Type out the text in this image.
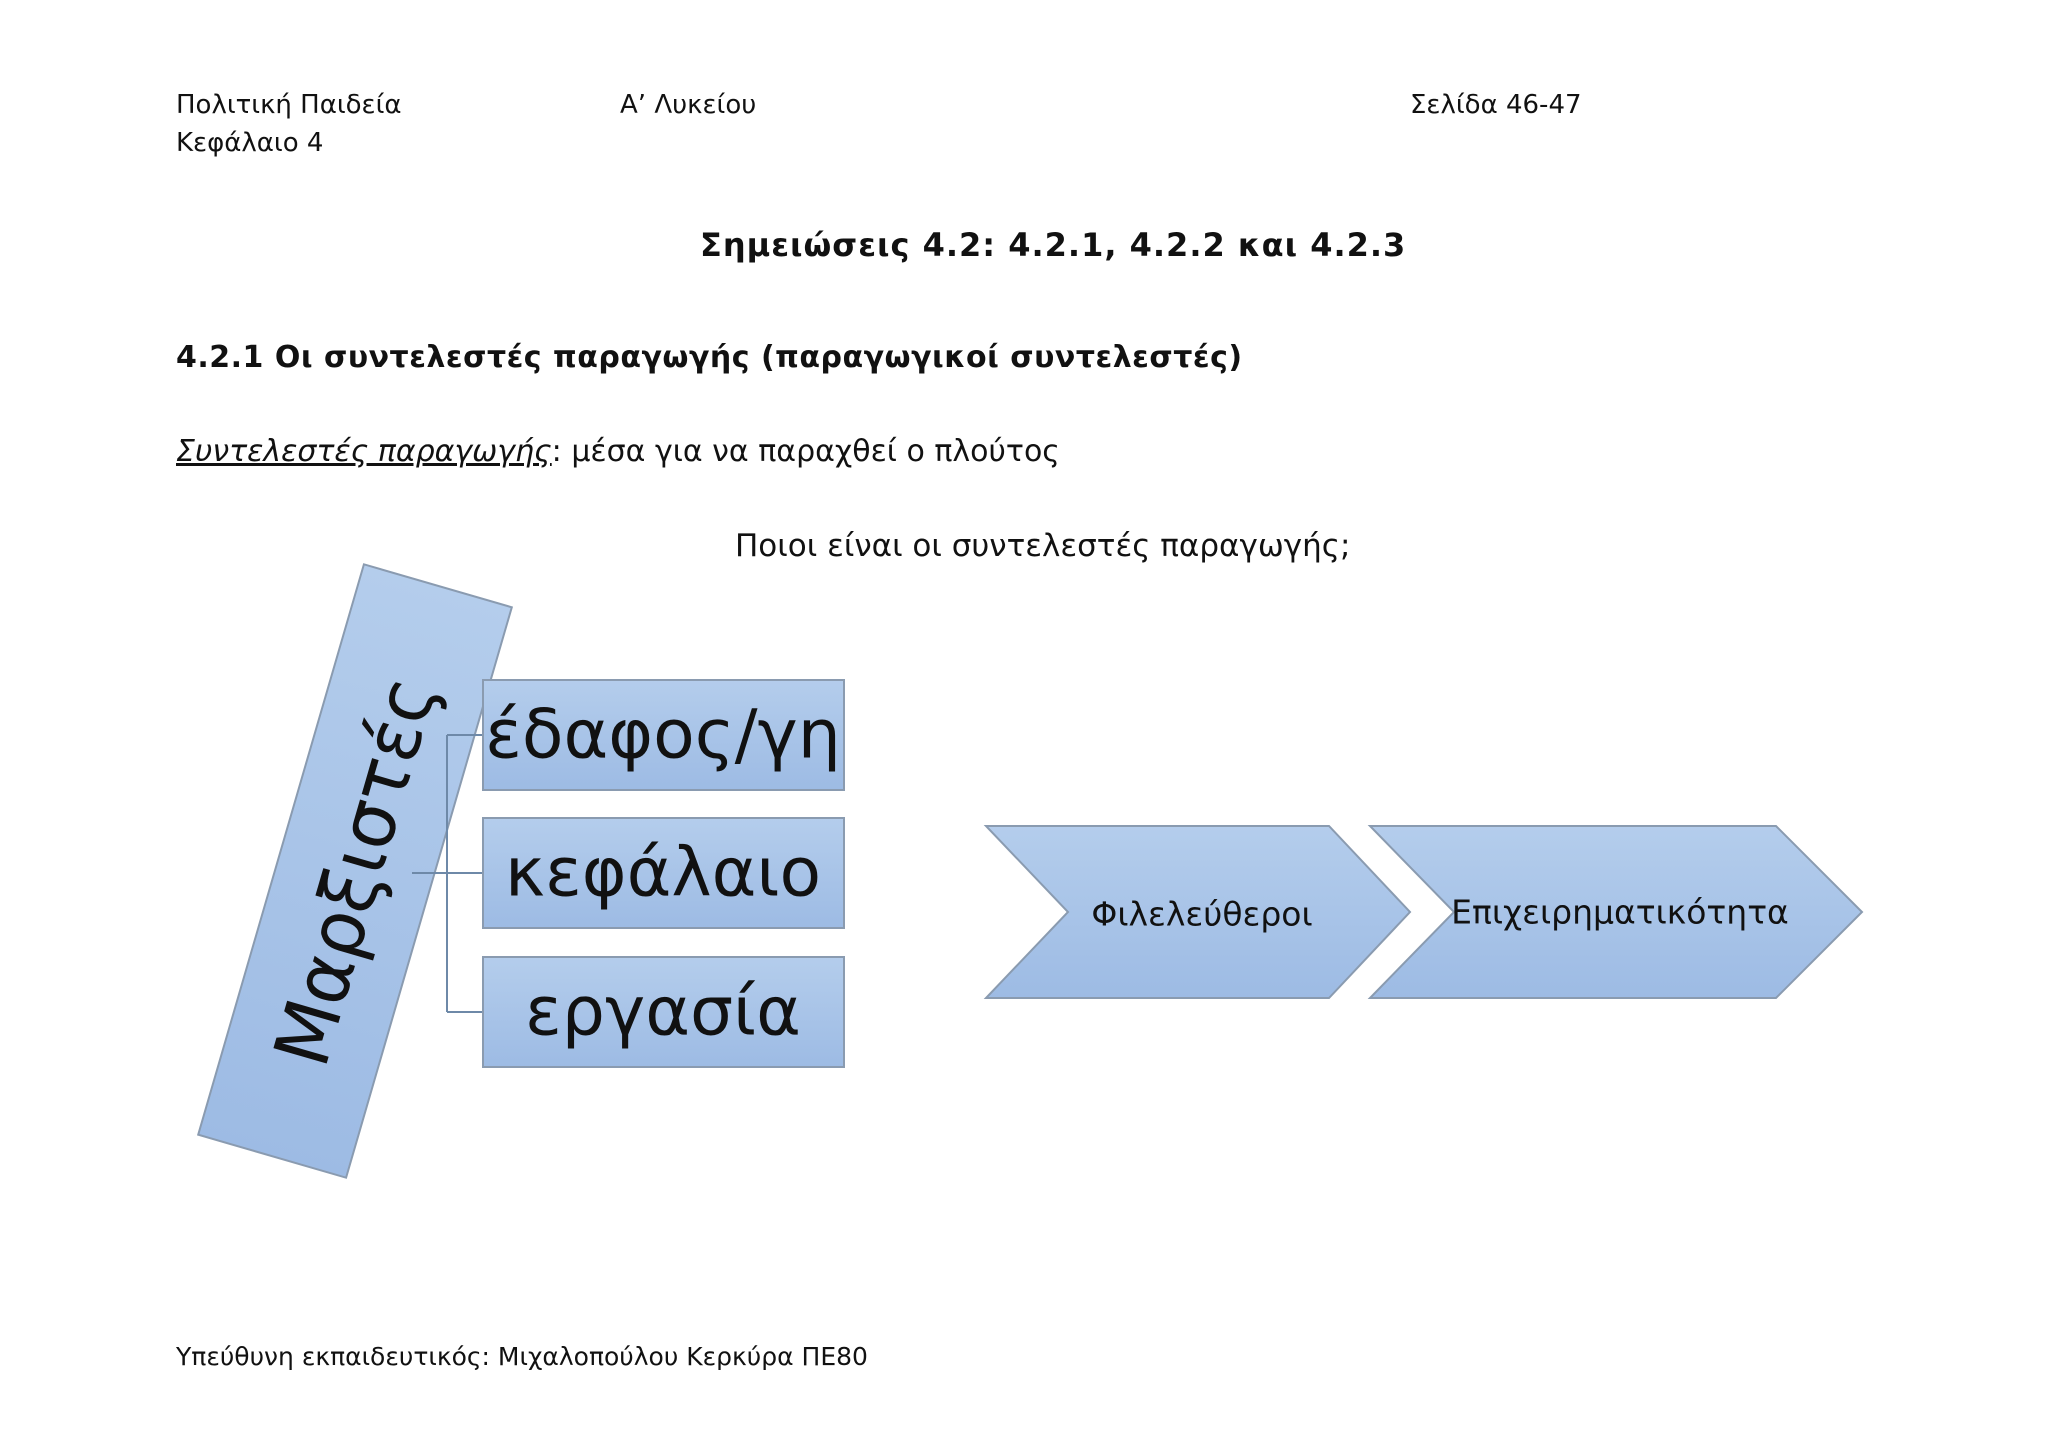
Πολιτική Παιδεία	Α’ Λυκείου	Σελίδα 46-47
Κεφάλαιο 4
Σημειώσεις 4.2: 4.2.1, 4.2.2 και 4.2.3
4.2.1 Οι συντελεστές παραγωγής (παραγωγικοί συντελεστές)
Συντελεστές παραγωγής: μέσα για να παραχθεί ο πλούτος
Ποιοι είναι οι συντελεστές παραγωγής;
Μαρξιστές έδαφος/γη
κεφάλαιο
εργασία
Φιλελεύθεροι	Επιχειρηματικότητα
Υπεύθυνη εκπαιδευτικός: Μιχαλοπούλου Κερκύρα ΠΕ80
